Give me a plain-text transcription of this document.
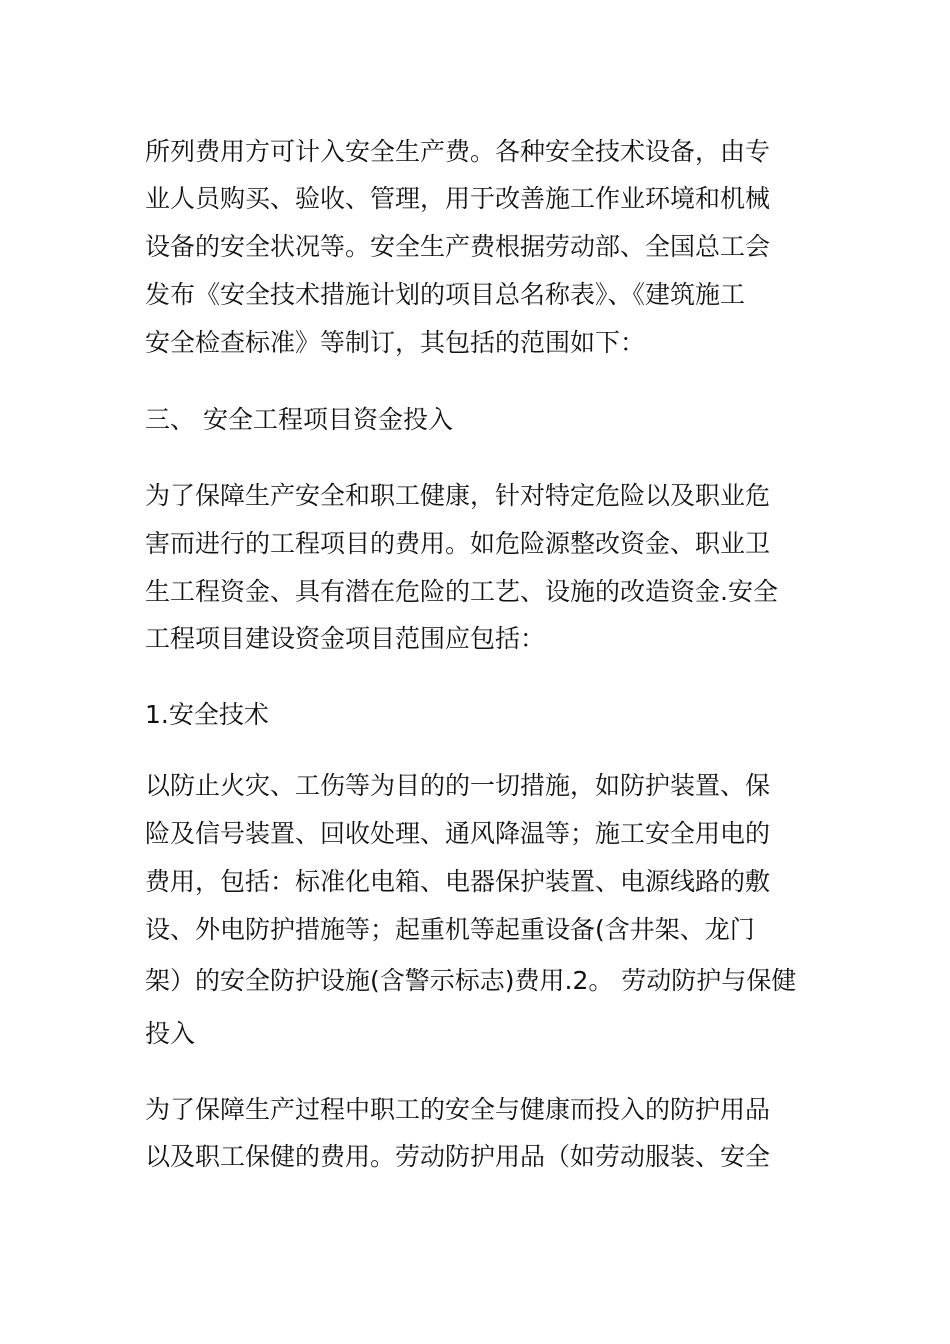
所列费用方可计入安全生产费。各种安全技术设备，由专

业人员购买、验收、管理，用于改善施工作业环境和机械

设备的安全状况等。安全生产费根据劳动部、全国总工会

发布《安全技术措施计划的项目总名称表》、《建筑施工

安全检查标准》等制订，其包括的范围如下：

三、 安全工程项目资金投入

为了保障生产安全和职工健康，针对特定危险以及职业危

害而进行的工程项目的费用。如危险源整改资金、职业卫

生工程资金、具有潜在危险的工艺、设施的改造资金.安全

工程项目建设资金项目范围应包括：

1.安全技术

以防止火灾、工伤等为目的的一切措施，如防护装置、保

险及信号装置、回收处理、通风降温等；施工安全用电的

费用，包括：标准化电箱、电器保护装置、电源线路的敷

设、外电防护措施等；起重机等起重设备(含井架、龙门

架）的安全防护设施(含警示标志)费用.2。 劳动防护与保健

投入

为了保障生产过程中职工的安全与健康而投入的防护用品

以及职工保健的费用。劳动防护用品（如劳动服装、安全
